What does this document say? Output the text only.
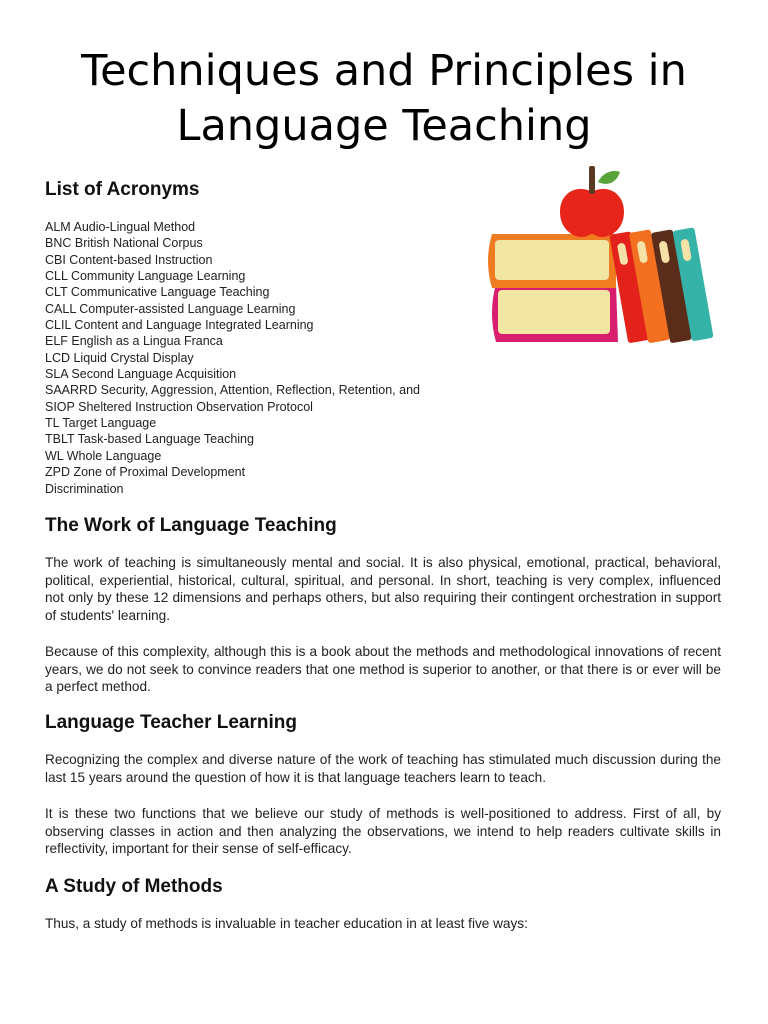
Techniques and Principles in
Language Teaching
List of Acronyms
ALM Audio-Lingual Method
BNC British National Corpus
CBI Content-based Instruction
CLL Community Language Learning
CLT Communicative Language Teaching
CALL Computer-assisted Language Learning
CLIL Content and Language Integrated Learning
ELF English as a Lingua Franca
LCD Liquid Crystal Display
SLA Second Language Acquisition
SAARRD Security, Aggression, Attention, Reflection, Retention, and
SIOP Sheltered Instruction Observation Protocol
TL Target Language
TBLT Task-based Language Teaching
WL Whole Language
ZPD Zone of Proximal Development
Discrimination
The Work of Language Teaching

The work of teaching is simultaneously mental and social. It is also physical, emotional, practical, behavioral, political, experiential, historical, cultural, spiritual, and personal. In short, teaching is very complex, influenced not only by these 12 dimensions and perhaps others, but also requiring their contingent orchestration in support of students' learning.

Because of this complexity, although this is a book about the methods and methodological innovations of recent years, we do not seek to convince readers that one method is superior to another, or that there is or ever will be a perfect method.

Language Teacher Learning

Recognizing the complex and diverse nature of the work of teaching has stimulated much discussion during the last 15 years around the question of how it is that language teachers learn to teach.

It is these two functions that we believe our study of methods is well-positioned to address. First of all, by observing classes in action and then analyzing the observations, we intend to help readers cultivate skills in reflectivity, important for their sense of self-efficacy.

A Study of Methods

Thus, a study of methods is invaluable in teacher education in at least five ways:
